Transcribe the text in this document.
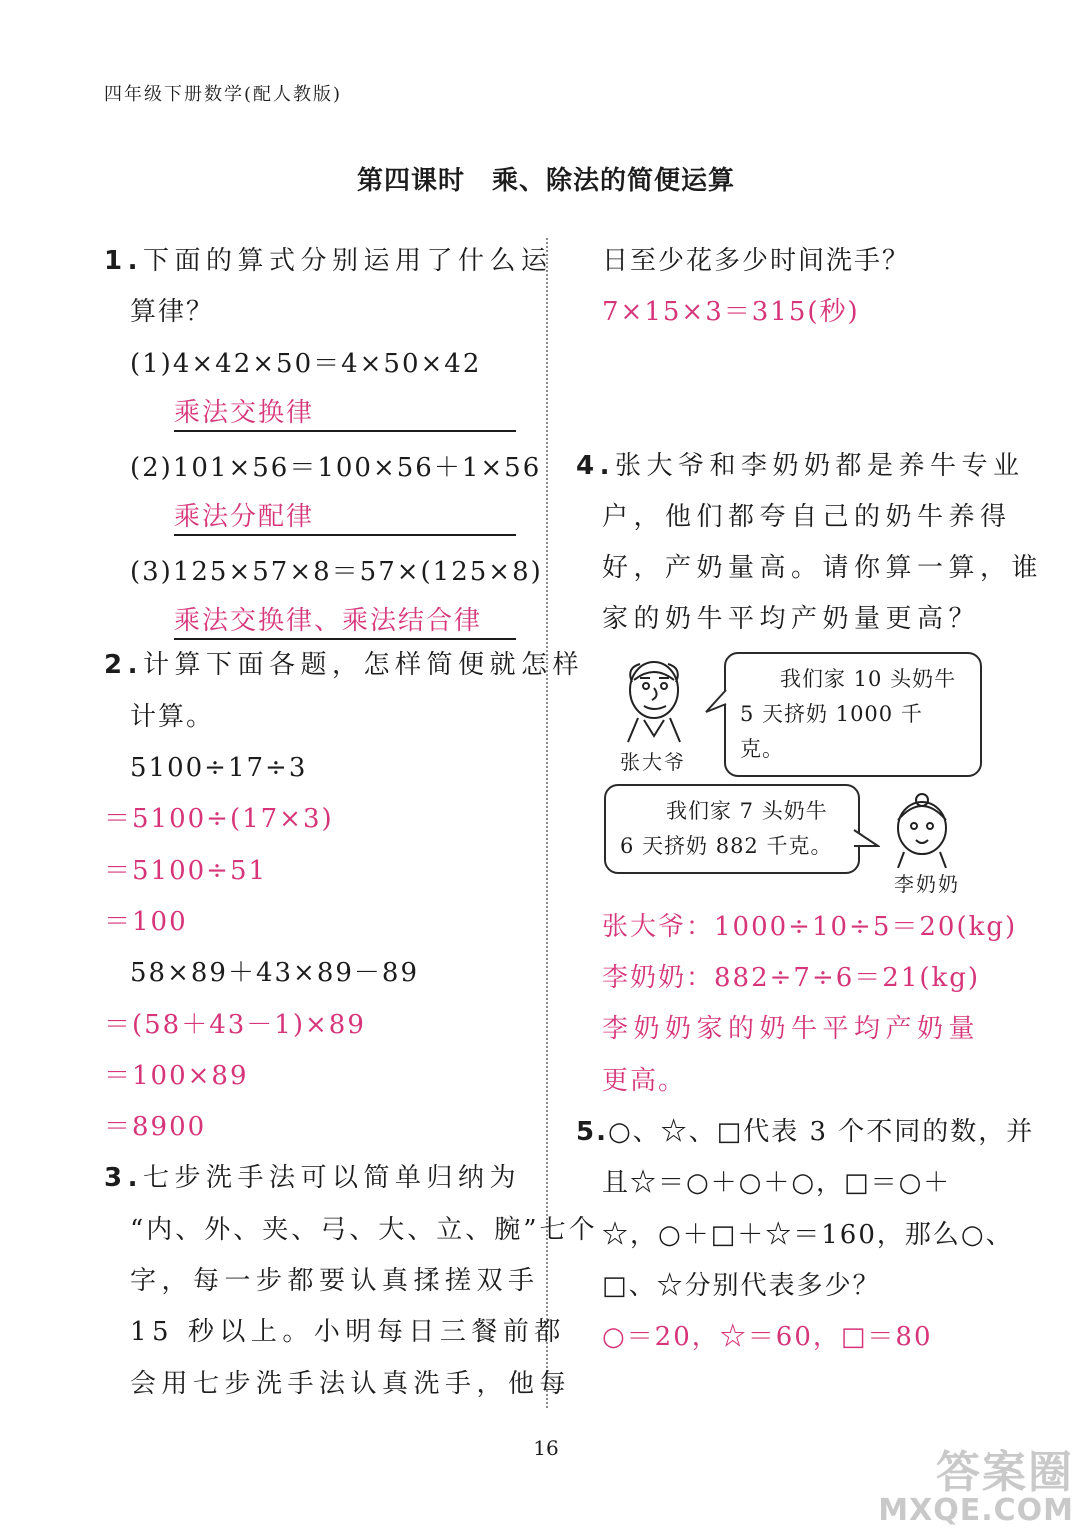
四年级下册数学(配人教版)
第四课时　乘、除法的简便运算
1.下面的算式分别运用了什么运
算律？
(1)4×42×50＝4×50×42
乘法交换律
(2)101×56＝100×56＋1×56
乘法分配律
(3)125×57×8＝57×(125×8)
乘法交换律、乘法结合律
2.计算下面各题，怎样简便就怎样
计算。
5100÷17÷3
＝5100÷(17×3)
＝5100÷51
＝100
58×89＋43×89－89
＝(58＋43－1)×89
＝100×89
＝8900
3.七步洗手法可以简单归纳为
“内、外、夹、弓、大、立、腕”七个
字，每一步都要认真揉搓双手
15 秒以上。小明每日三餐前都
会用七步洗手法认真洗手，他每
日至少花多少时间洗手？
7×15×3＝315(秒)
4.张大爷和李奶奶都是养牛专业
户，他们都夸自己的奶牛养得
好，产奶量高。请你算一算，谁
家的奶牛平均产奶量更高？
张大爷
我们家 10 头奶牛
5 天挤奶 1000 千克。
我们家 7 头奶牛
6 天挤奶 882 千克。
李奶奶
张大爷：1000÷10÷5＝20(kg)
李奶奶：882÷7÷6＝21(kg)
李奶奶家的奶牛平均产奶量
更高。
5.○、☆、□代表 3 个不同的数，并
且☆＝○＋○＋○，□＝○＋
☆，○＋□＋☆＝160，那么○、
□、☆分别代表多少？
○＝20，☆＝60，□＝80
16	答案圈
MXQE.COM
